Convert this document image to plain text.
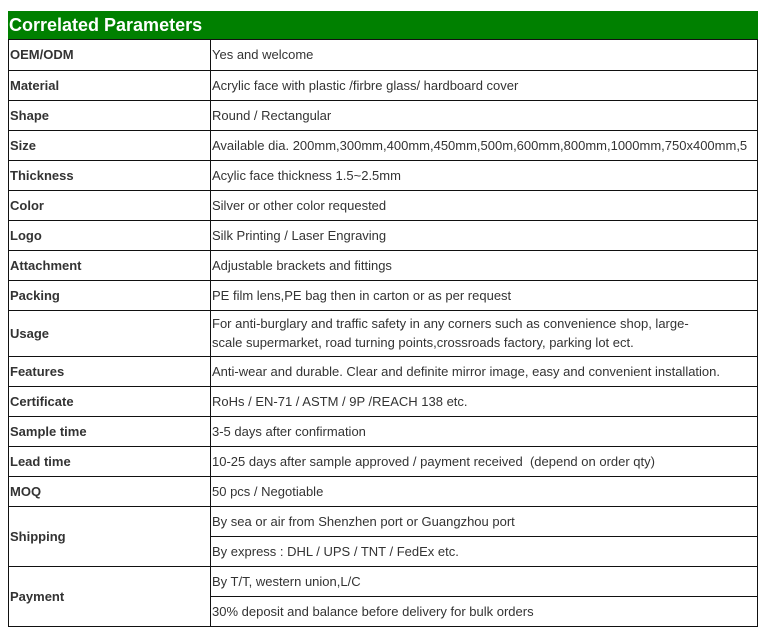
Correlated Parameters
OEM/ODM	Yes and welcome
Material	Acrylic face with plastic /firbre glass/ hardboard cover
Shape	Round / Rectangular
Size	Available dia. 200mm,300mm,400mm,450mm,500m,600mm,800mm,1000mm,750x400mm,5
Thickness	Acylic face thickness 1.5~2.5mm
Color	Silver or other color requested
Logo	Silk Printing / Laser Engraving
Attachment	Adjustable brackets and fittings
Packing	PE film lens,PE bag then in carton or as per request
Usage	For anti-burglary and traffic safety in any corners such as convenience shop, large-scale supermarket, road turning points,crossroads factory, parking lot ect.
Features	Anti-wear and durable. Clear and definite mirror image, easy and convenient installation.
Certificate	RoHs / EN-71 / ASTM / 9P /REACH 138 etc.
Sample time	3-5 days after confirmation
Lead time	10-25 days after sample approved / payment received  (depend on order qty)
MOQ	50 pcs / Negotiable
Shipping	By sea or air from Shenzhen port or Guangzhou port
	By express : DHL / UPS / TNT / FedEx etc.
Payment	By T/T, western union,L/C
	30% deposit and balance before delivery for bulk orders
